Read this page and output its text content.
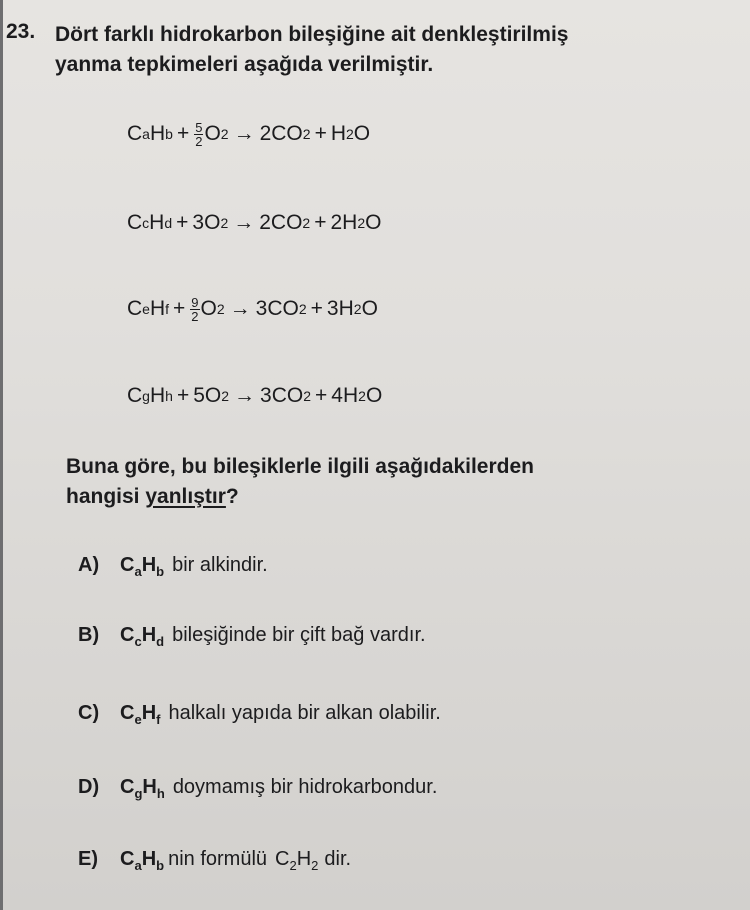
23. Dört farklı hidrokarbon bileşiğine ait denkleştirilmiş
yanma tepkimeleri aşağıda verilmiştir.
C a H $b + \frac{5}{2}$ O 2 → 2 CO 2 + H 2 O
C c H d + 3 O 2 → 2 CO 2 + 2 H 2 O
C e H $f + \frac{9}{2}$ O 2 → 3 CO 2 + 3 H 2 O
C g H h + 5 O 2 → 3 CO 2 + 4 H 2 O
Buna göre, bu bileşiklerle ilgili aşağıdakilerden
hangisi yanlıştır?
A)	$C_aH_b$ bir alkindir.
B)	$C_cH_d$ bileşiğinde bir çift bağ vardır.
C)	$C_eH_f$ halkalı yapıda bir alkan olabilir.
D)	$C_gH_h$ doymamış bir hidrokarbondur.
E)	$C_aH_b$ nin formülü $C_2H_2$ dir.
